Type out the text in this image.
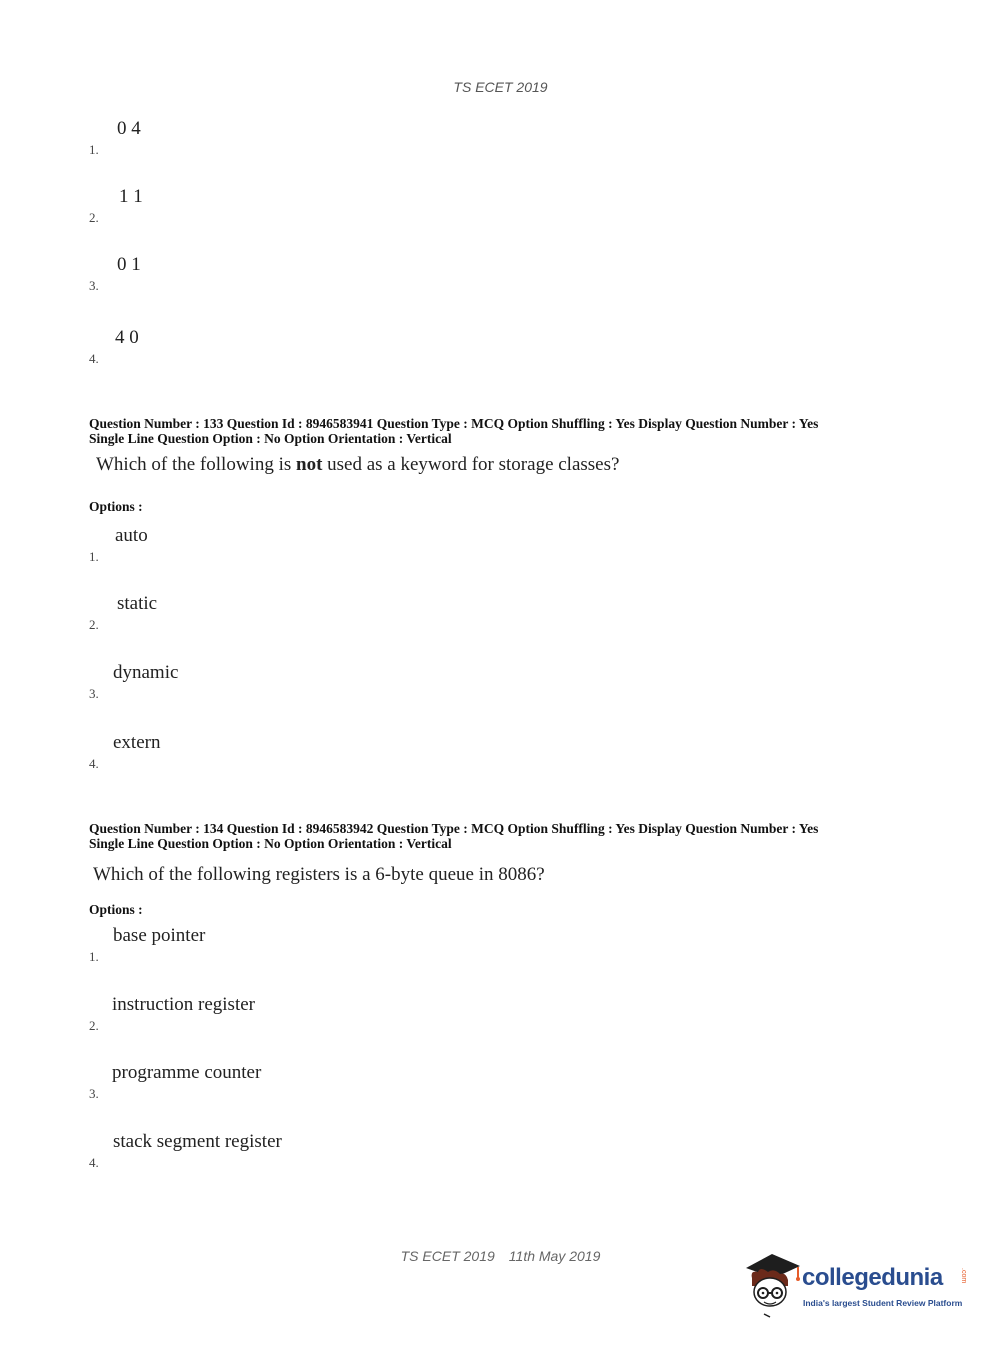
TS ECET 2019
0 4
1.
1 1
2.
0 1
3.
4 0
4.
Question Number : 133 Question Id : 8946583941 Question Type : MCQ Option Shuffling : Yes Display Question Number : Yes
Single Line Question Option : No Option Orientation : Vertical
Which of the following is not used as a keyword for storage classes?
Options :
auto
1.
static
2.
dynamic
3.
extern
4.
Question Number : 134 Question Id : 8946583942 Question Type : MCQ Option Shuffling : Yes Display Question Number : Yes
Single Line Question Option : No Option Orientation : Vertical
Which of the following registers is a 6-byte queue in 8086?
Options :
base pointer
1.
instruction register
2.
programme counter
3.
stack segment register
4.
TS ECET 2019 11th May 2019
collegedunia .com
India's largest Student Review Platform
